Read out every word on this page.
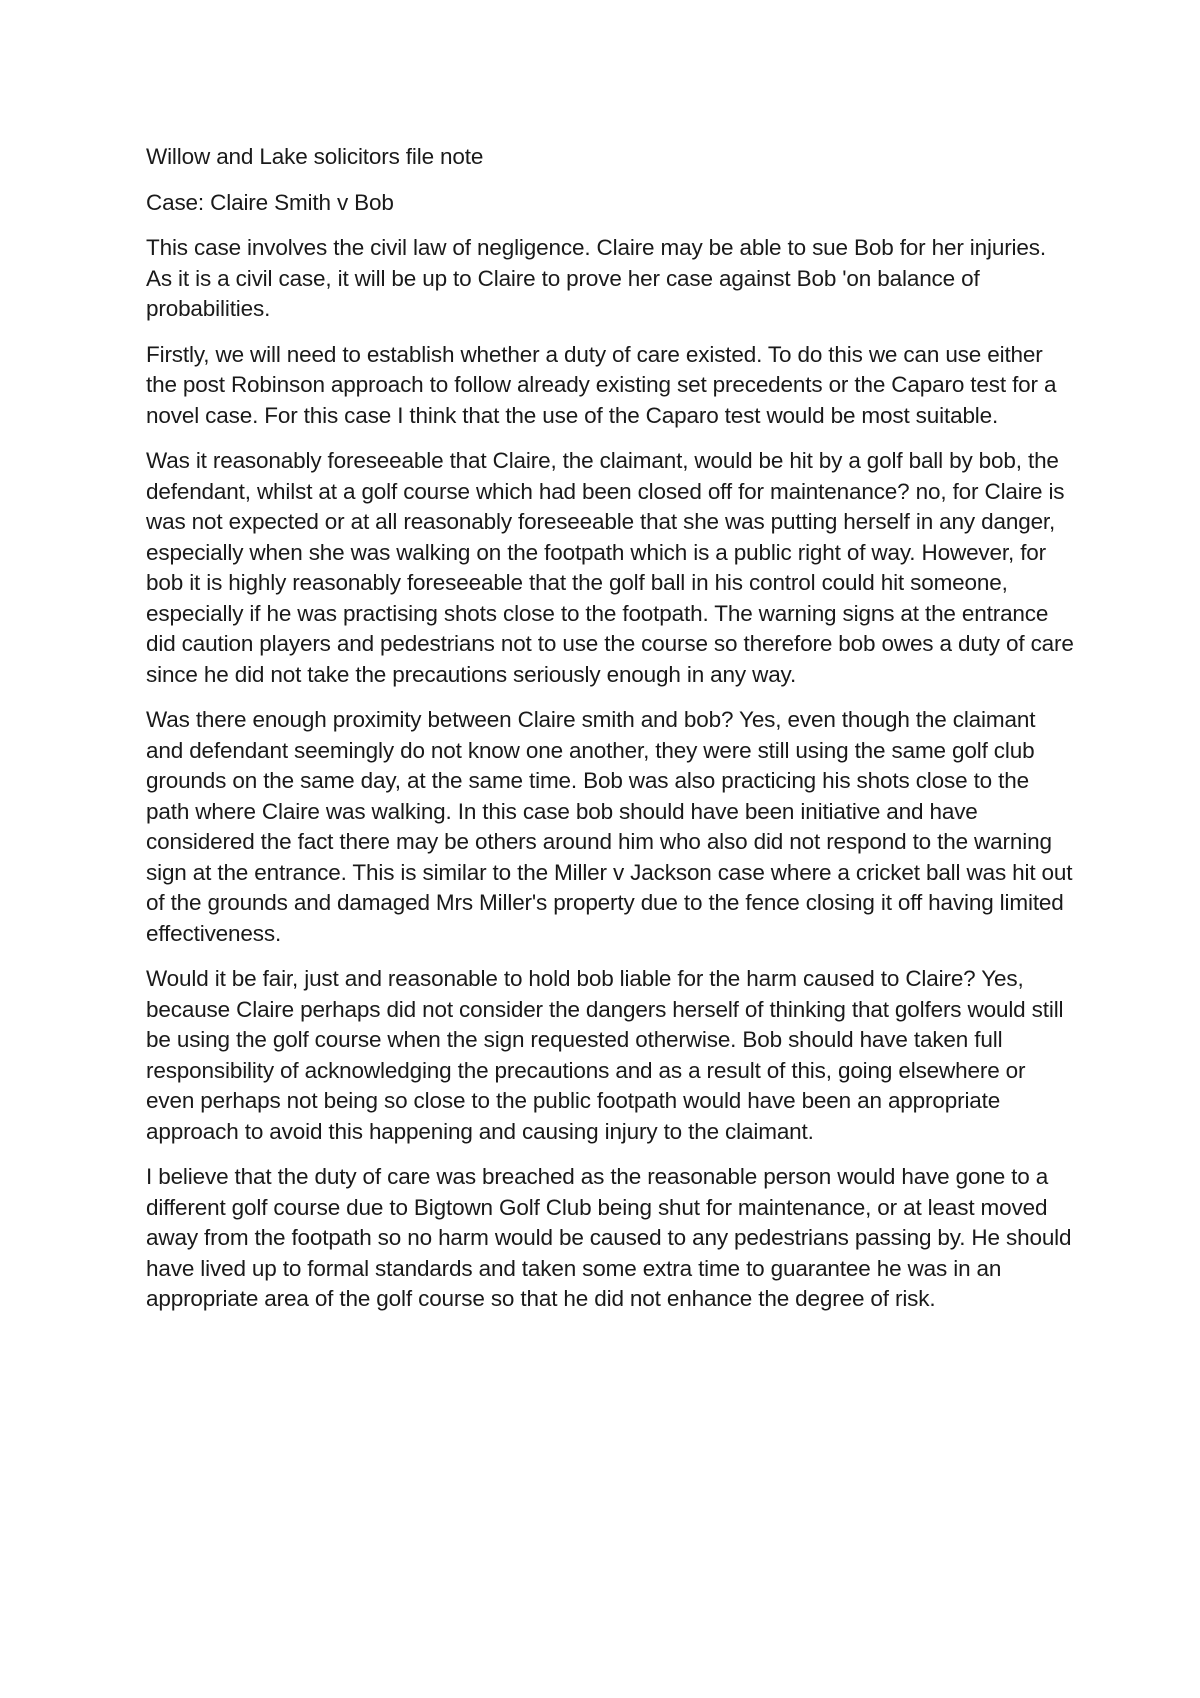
Willow and Lake solicitors file note

Case: Claire Smith v Bob

This case involves the civil law of negligence. Claire may be able to sue Bob for her injuries. As it is a civil case, it will be up to Claire to prove her case against Bob 'on balance of probabilities.

Firstly, we will need to establish whether a duty of care existed. To do this we can use either the post Robinson approach to follow already existing set precedents or the Caparo test for a novel case. For this case I think that the use of the Caparo test would be most suitable.

Was it reasonably foreseeable that Claire, the claimant, would be hit by a golf ball by bob, the defendant, whilst at a golf course which had been closed off for maintenance? no, for Claire is was not expected or at all reasonably foreseeable that she was putting herself in any danger, especially when she was walking on the footpath which is a public right of way. However, for bob it is highly reasonably foreseeable that the golf ball in his control could hit someone, especially if he was practising shots close to the footpath. The warning signs at the entrance did caution players and pedestrians not to use the course so therefore bob owes a duty of care since he did not take the precautions seriously enough in any way.

Was there enough proximity between Claire smith and bob? Yes, even though the claimant and defendant seemingly do not know one another, they were still using the same golf club grounds on the same day, at the same time. Bob was also practicing his shots close to the path where Claire was walking. In this case bob should have been initiative and have considered the fact there may be others around him who also did not respond to the warning sign at the entrance. This is similar to the Miller v Jackson case where a cricket ball was hit out of the grounds and damaged Mrs Miller's property due to the fence closing it off having limited effectiveness.

Would it be fair, just and reasonable to hold bob liable for the harm caused to Claire? Yes, because Claire perhaps did not consider the dangers herself of thinking that golfers would still be using the golf course when the sign requested otherwise. Bob should have taken full responsibility of acknowledging the precautions and as a result of this, going elsewhere or even perhaps not being so close to the public footpath would have been an appropriate approach to avoid this happening and causing injury to the claimant.

I believe that the duty of care was breached as the reasonable person would have gone to a different golf course due to Bigtown Golf Club being shut for maintenance, or at least moved away from the footpath so no harm would be caused to any pedestrians passing by. He should have lived up to formal standards and taken some extra time to guarantee he was in an appropriate area of the golf course so that he did not enhance the degree of risk.
